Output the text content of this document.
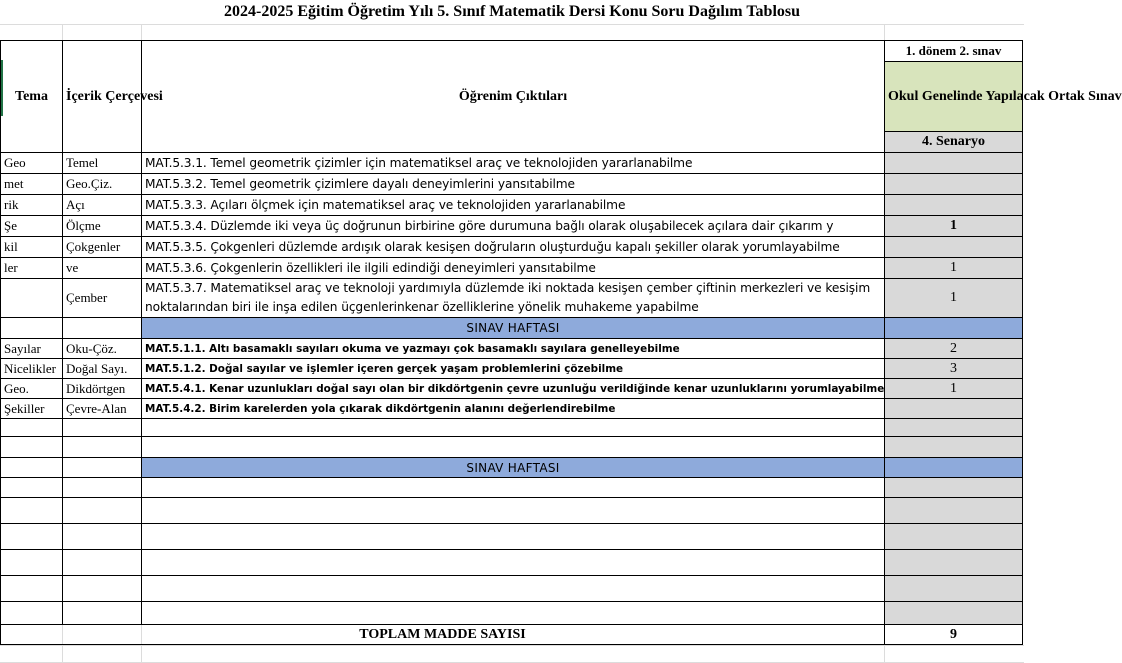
2024-2025 Eğitim Öğretim Yılı 5. Sınıf Matematik Dersi Konu Soru Dağılım Tablosu
Tema	İçerik Çerçevesi	Öğrenim Çıktıları	1. dönem 2. sınav
			Okul Genelinde Yapılacak Ortak Sınav
			4. Senaryo
Geo	Temel	MAT.5.3.1. Temel geometrik çizimler için matematiksel araç ve teknolojiden yararlanabilme	
met	Geo.Çiz.	MAT.5.3.2. Temel geometrik çizimlere dayalı deneyimlerini yansıtabilme	
rik	Açı	MAT.5.3.3. Açıları ölçmek için matematiksel araç ve teknolojiden yararlanabilme	
Şe	Ölçme	MAT.5.3.4. Düzlemde iki veya üç doğrunun birbirine göre durumuna bağlı olarak oluşabilecek açılara dair çıkarım y	1
kil	Çokgenler	MAT.5.3.5. Çokgenleri düzlemde ardışık olarak kesişen doğruların oluşturduğu kapalı şekiller olarak yorumlayabilme	
ler	ve	MAT.5.3.6. Çokgenlerin özellikleri ile ilgili edindiği deneyimleri yansıtabilme	1
	Çember	MAT.5.3.7. Matematiksel araç ve teknoloji yardımıyla düzlemde iki noktada kesişen çember çiftinin merkezleri ve kesişim noktalarından biri ile inşa edilen üçgenlerinkenar özelliklerine yönelik muhakeme yapabilme	1
		SINAV HAFTASI	
Sayılar	Oku-Çöz.	MAT.5.1.1. Altı basamaklı sayıları okuma ve yazmayı çok basamaklı sayılara genelleyebilme	2
Nicelikler	Doğal Sayı.	MAT.5.1.2. Doğal sayılar ve işlemler içeren gerçek yaşam problemlerini çözebilme	3
Geo.	Dikdörtgen	MAT.5.4.1. Kenar uzunlukları doğal sayı olan bir dikdörtgenin çevre uzunluğu verildiğinde kenar uzunluklarını yorumlayabilme	1
Şekiller	Çevre-Alan	MAT.5.4.2. Birim karelerden yola çıkarak dikdörtgenin alanını değerlendirebilme	

		SINAV HAFTASI	

TOPLAM MADDE SAYISI			9
